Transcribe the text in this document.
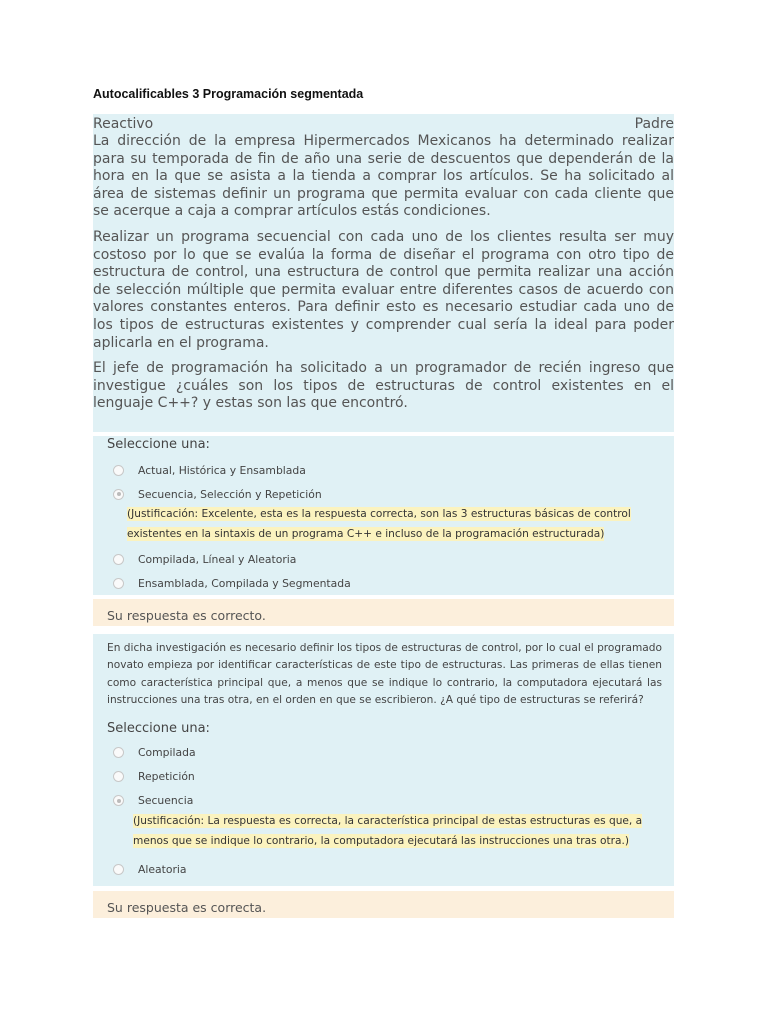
Autocalificables 3 Programación segmentada
Reactivo	Padre

La dirección de la empresa Hipermercados Mexicanos ha determinado realizar para su temporada de fin de año una serie de descuentos que dependerán de la hora en la que se asista a la tienda a comprar los artículos. Se ha solicitado al área de sistemas definir un programa que permita evaluar con cada cliente que se acerque a caja a comprar artículos estás condiciones.

Realizar un programa secuencial con cada uno de los clientes resulta ser muy costoso por lo que se evalúa la forma de diseñar el programa con otro tipo de estructura de control, una estructura de control que permita realizar una acción de selección múltiple que permita evaluar entre diferentes casos de acuerdo con valores constantes enteros. Para definir esto es necesario estudiar cada uno de los tipos de estructuras existentes y comprender cual sería la ideal para poder aplicarla en el programa.

El jefe de programación ha solicitado a un programador de recién ingreso que investigue ¿cuáles son los tipos de estructuras de control existentes en el lenguaje C++? y estas son las que encontró.

Seleccione una:
Actual, Histórica y Ensamblada
Secuencia, Selección y Repetición
(Justificación: Excelente, esta es la respuesta correcta, son las 3 estructuras básicas de control existentes en la sintaxis de un programa C++ e incluso de la programación estructurada)
Compilada, Líneal y Aleatoria
Ensamblada, Compilada y Segmentada
Su respuesta es correcto.

En dicha investigación es necesario definir los tipos de estructuras de control, por lo cual el programado novato empieza por identificar características de este tipo de estructuras. Las primeras de ellas tienen como característica principal que, a menos que se indique lo contrario, la computadora ejecutará las instrucciones una tras otra, en el orden en que se escribieron. ¿A qué tipo de estructuras se referirá?

Seleccione una:
Compilada
Repetición
Secuencia
(Justificación: La respuesta es correcta, la característica principal de estas estructuras es que, a menos que se indique lo contrario, la computadora ejecutará las instrucciones una tras otra.)
Aleatoria
Su respuesta es correcta.
